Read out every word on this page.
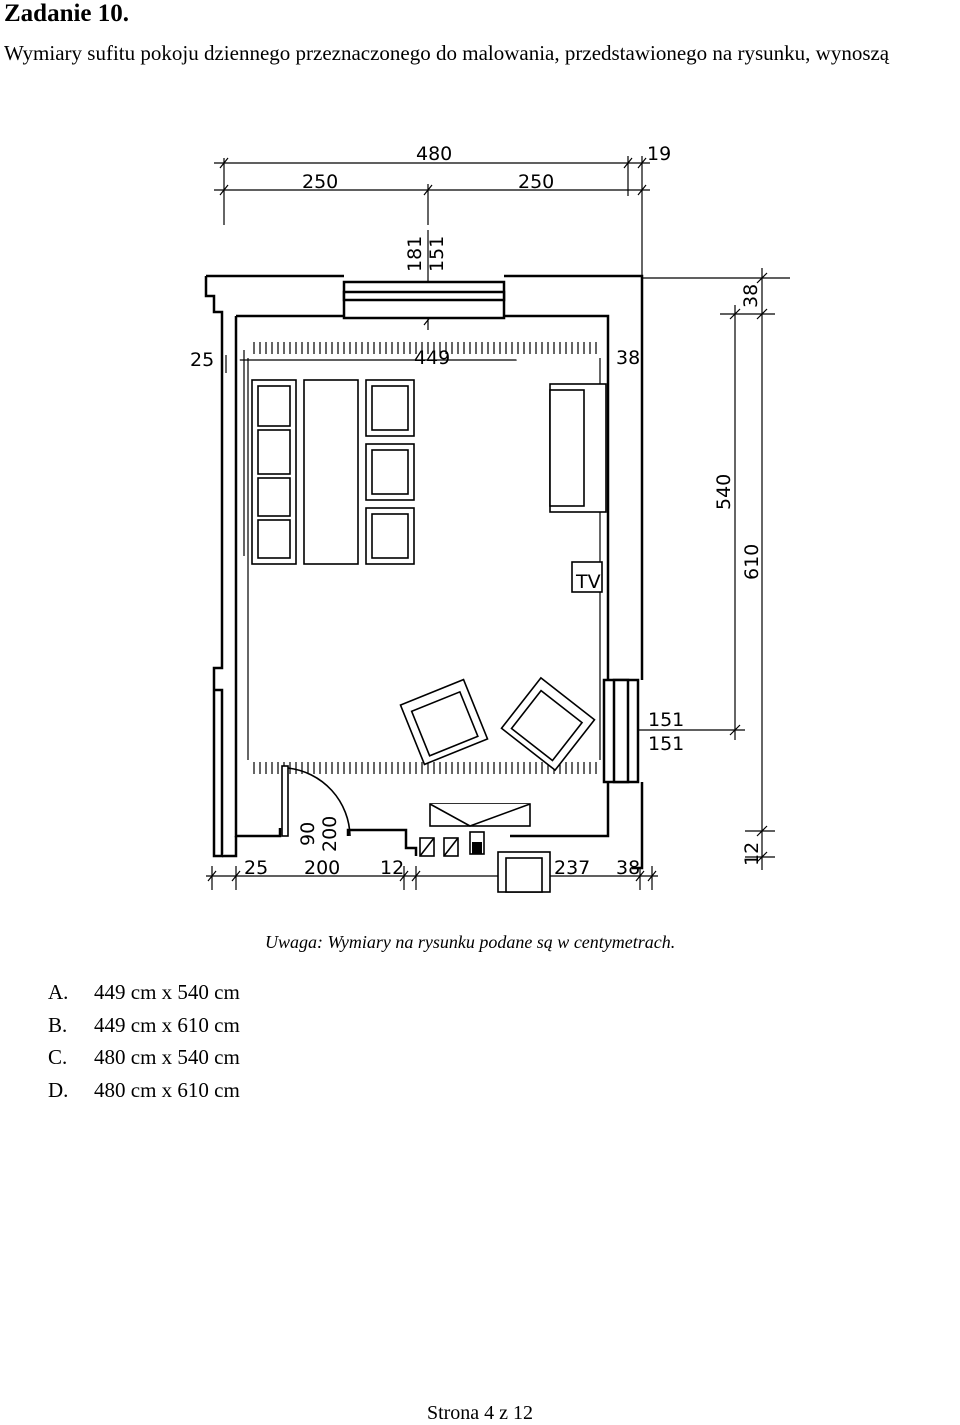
Zadanie 10.
Wymiary sufitu pokoju dziennego przeznaczonego do malowania, przedstawionego na rysunku, wynoszą
TV
480	19
250	250
181 151
38
540
610
12
449
25	38
151
151
90 200
25 200 12	237 38
Uwaga: Wymiary na rysunku podane są w centymetrach.
A.	449 cm x 540 cm
B.	449 cm x 610 cm
C.	480 cm x 540 cm
D.	480 cm x 610 cm
Strona 4 z 12
